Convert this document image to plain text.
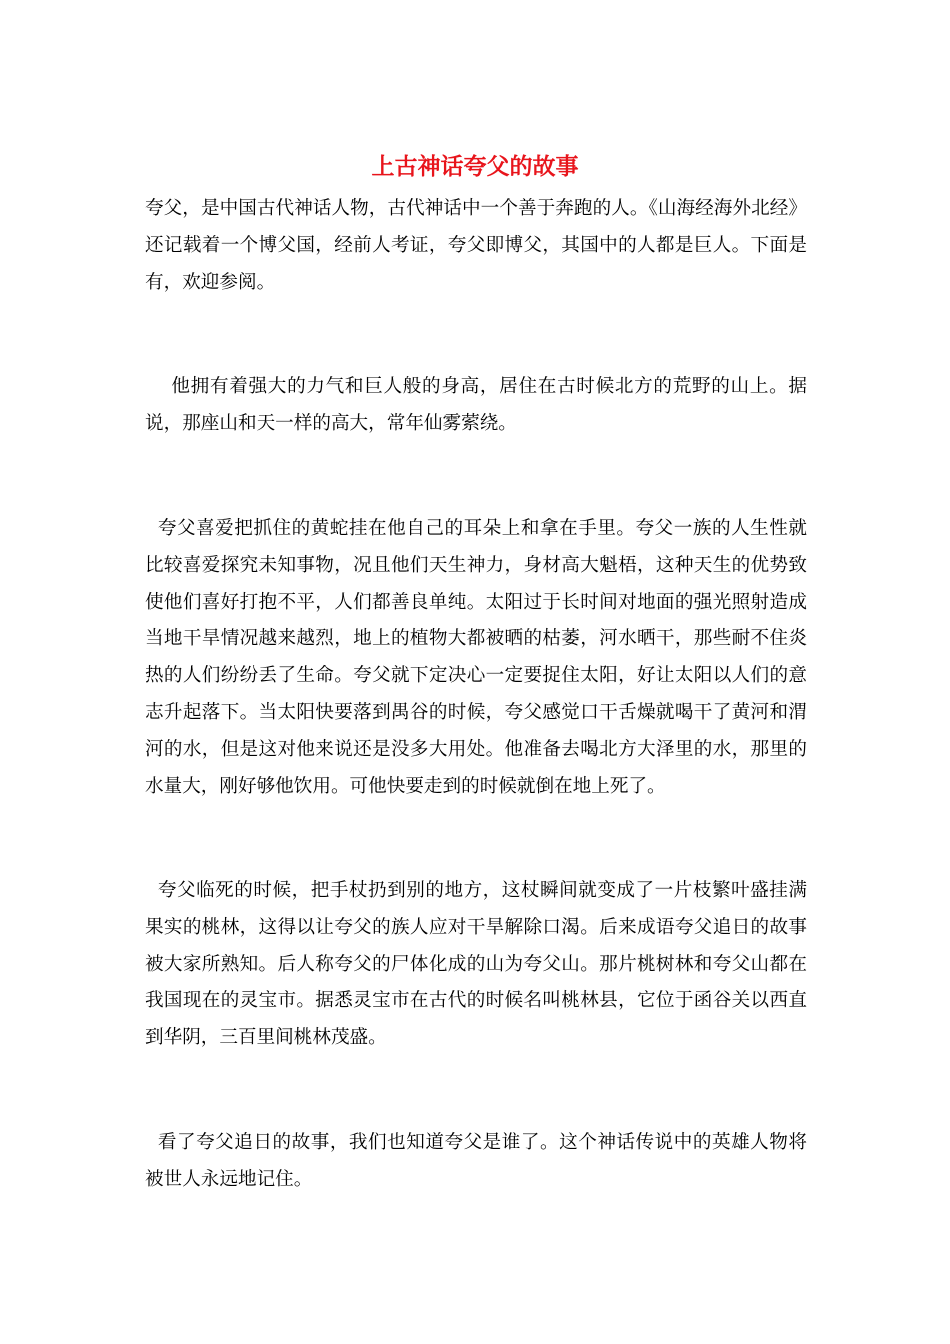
上古神话夸父的故事

夸父，是中国古代神话人物，古代神话中一个善于奔跑的人。《山海经海外北经》还记载着一个博父国，经前人考证，夸父即博父，其国中的人都是巨人。下面是有，欢迎参阅。

他拥有着强大的力气和巨人般的身高，居住在古时候北方的荒野的山上。据说，那座山和天一样的高大，常年仙雾萦绕。

夸父喜爱把抓住的黄蛇挂在他自己的耳朵上和拿在手里。夸父一族的人生性就比较喜爱探究未知事物，况且他们天生神力，身材高大魁梧，这种天生的优势致使他们喜好打抱不平，人们都善良单纯。太阳过于长时间对地面的强光照射造成当地干旱情况越来越烈，地上的植物大都被晒的枯萎，河水晒干，那些耐不住炎热的人们纷纷丢了生命。夸父就下定决心一定要捉住太阳，好让太阳以人们的意志升起落下。当太阳快要落到禺谷的时候，夸父感觉口干舌燥就喝干了黄河和渭河的水，但是这对他来说还是没多大用处。他准备去喝北方大泽里的水，那里的水量大，刚好够他饮用。可他快要走到的时候就倒在地上死了。

夸父临死的时候，把手杖扔到别的地方，这杖瞬间就变成了一片枝繁叶盛挂满果实的桃林，这得以让夸父的族人应对干旱解除口渴。后来成语夸父追日的故事被大家所熟知。后人称夸父的尸体化成的山为夸父山。那片桃树林和夸父山都在我国现在的灵宝市。据悉灵宝市在古代的时候名叫桃林县，它位于函谷关以西直到华阴，三百里间桃林茂盛。

看了夸父追日的故事，我们也知道夸父是谁了。这个神话传说中的英雄人物将被世人永远地记住。
